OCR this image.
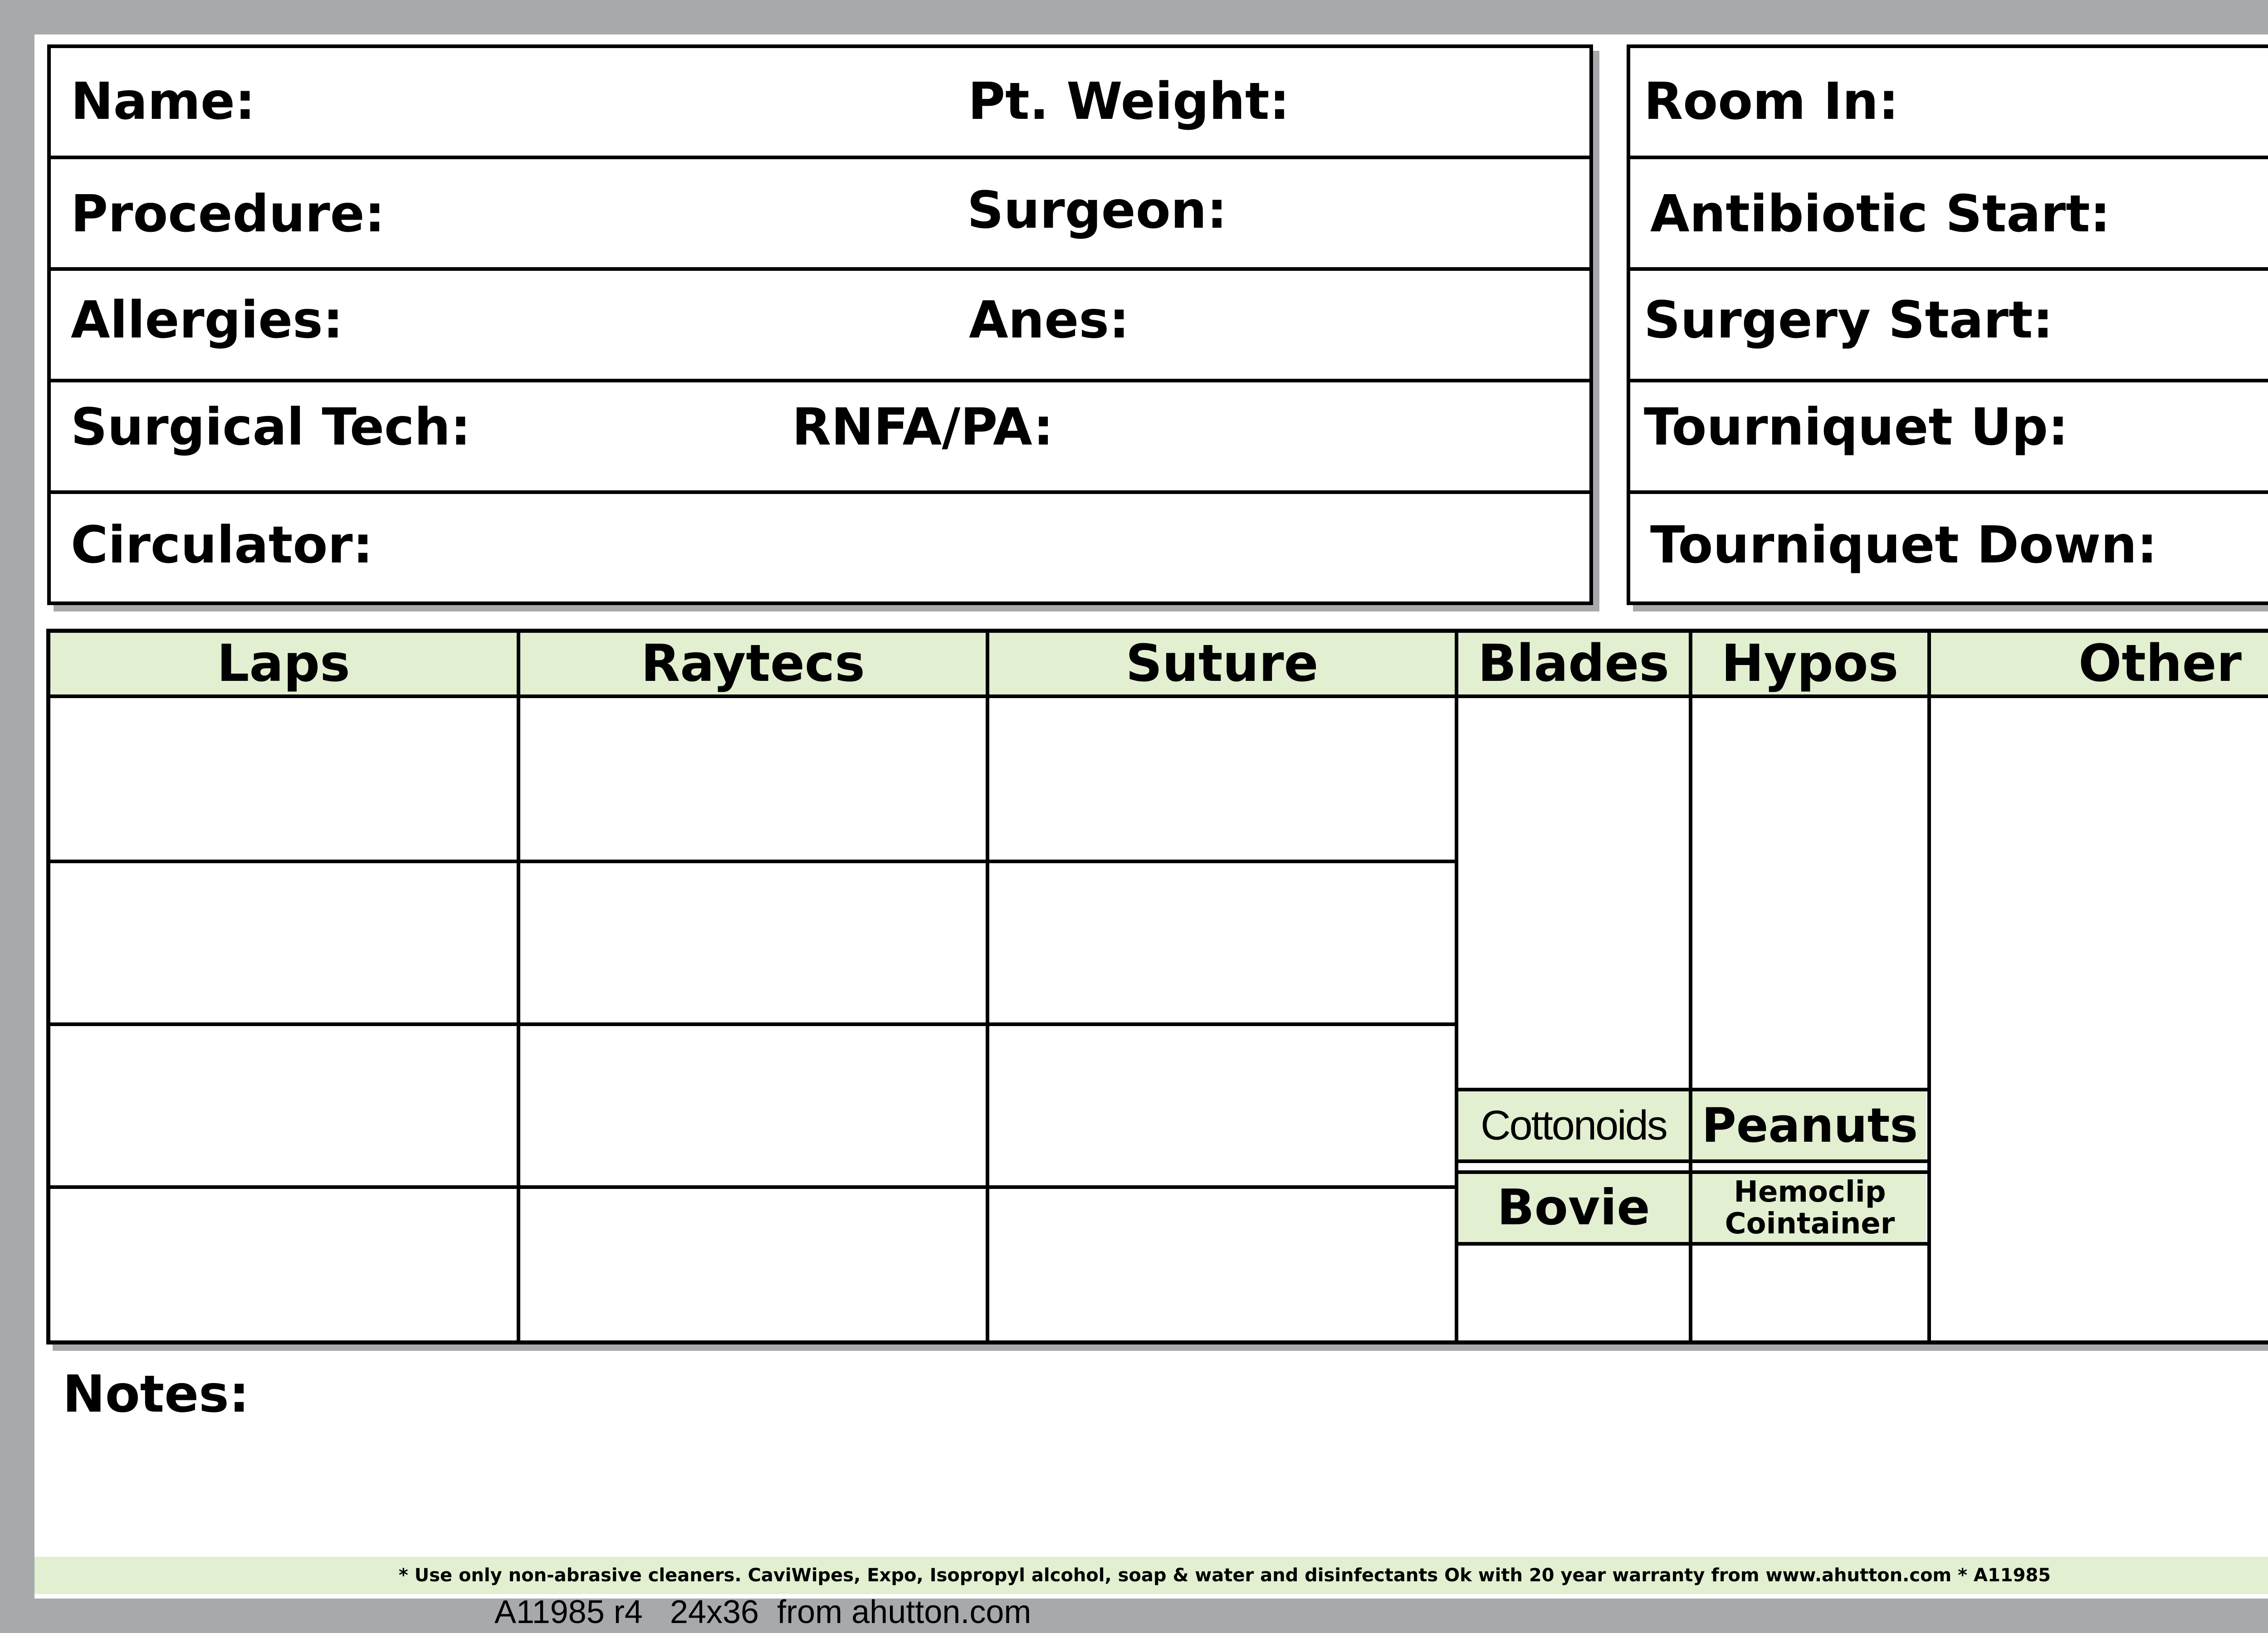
Name:	Pt. Weight:
Procedure:	Surgeon:
Allergies:	Anes:
Surgical Tech:	RNFA/PA:
Circulator:
Room In:
Antibiotic Start:
Surgery Start:
Tourniquet Up:
Tourniquet Down:
Laps	Raytecs	Suture	Blades	Hypos	Other
Cottonoids Peanuts
Bovie	Hemoclip
Cointainer
Notes:
* Use only non-abrasive cleaners. CaviWipes, Expo, Isopropyl alcohol, soap & water and disinfectants Ok with 20 year warranty from www.ahutton.com * A11985
A11985 r4   24x36  from ahutton.com
